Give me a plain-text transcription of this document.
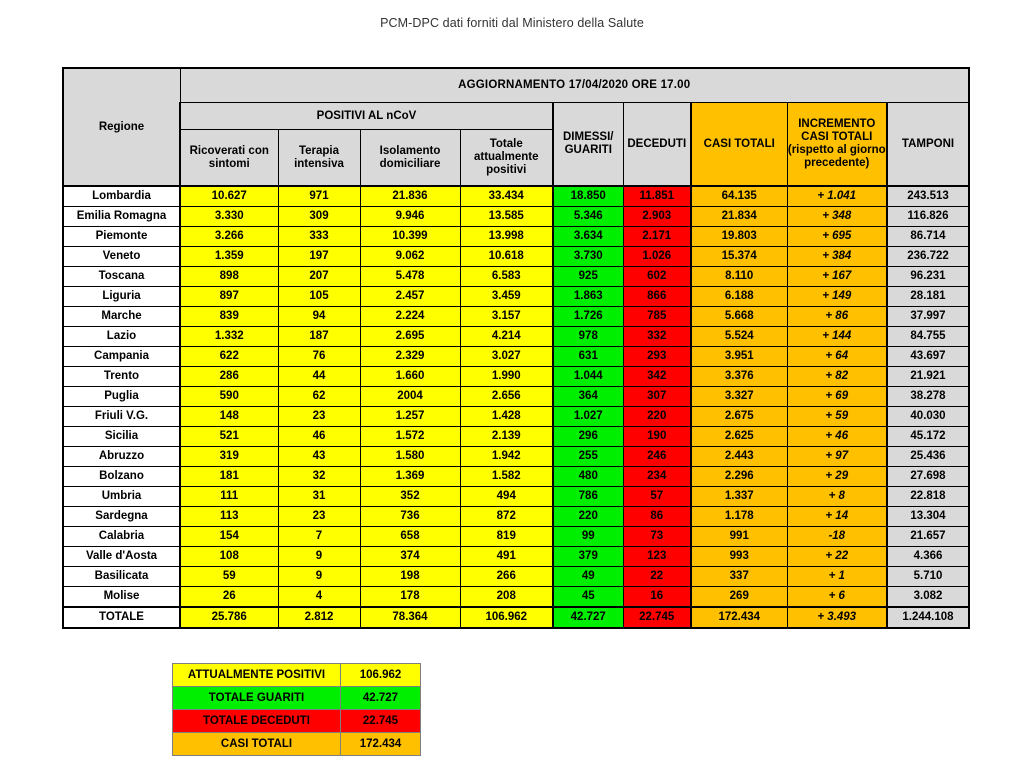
PCM-DPC dati forniti dal Ministero della Salute
Regione	AGGIORNAMENTO 17/04/2020 ORE 17.00								
	POSITIVI AL nCoV				DIMESSI/ GUARITI	DECEDUTI	CASI TOTALI	INCREMENTO CASI TOTALI (rispetto al giorno precedente)	TAMPONI
	Ricoverati con sintomi	Terapia intensiva	Isolamento domiciliare	Totale attualmente positivi					
Lombardia	10.627	971	21.836	33.434	18.850	11.851	64.135	+ 1.041	243.513
Emilia Romagna	3.330	309	9.946	13.585	5.346	2.903	21.834	+ 348	116.826
Piemonte	3.266	333	10.399	13.998	3.634	2.171	19.803	+ 695	86.714
Veneto	1.359	197	9.062	10.618	3.730	1.026	15.374	+ 384	236.722
Toscana	898	207	5.478	6.583	925	602	8.110	+ 167	96.231
Liguria	897	105	2.457	3.459	1.863	866	6.188	+ 149	28.181
Marche	839	94	2.224	3.157	1.726	785	5.668	+ 86	37.997
Lazio	1.332	187	2.695	4.214	978	332	5.524	+ 144	84.755
Campania	622	76	2.329	3.027	631	293	3.951	+ 64	43.697
Trento	286	44	1.660	1.990	1.044	342	3.376	+ 82	21.921
Puglia	590	62	2004	2.656	364	307	3.327	+ 69	38.278
Friuli V.G.	148	23	1.257	1.428	1.027	220	2.675	+ 59	40.030
Sicilia	521	46	1.572	2.139	296	190	2.625	+ 46	45.172
Abruzzo	319	43	1.580	1.942	255	246	2.443	+ 97	25.436
Bolzano	181	32	1.369	1.582	480	234	2.296	+ 29	27.698
Umbria	111	31	352	494	786	57	1.337	+ 8	22.818
Sardegna	113	23	736	872	220	86	1.178	+ 14	13.304
Calabria	154	7	658	819	99	73	991	-18	21.657
Valle d'Aosta	108	9	374	491	379	123	993	+ 22	4.366
Basilicata	59	9	198	266	49	22	337	+ 1	5.710
Molise	26	4	178	208	45	16	269	+ 6	3.082
TOTALE	25.786	2.812	78.364	106.962	42.727	22.745	172.434	+ 3.493	1.244.108
ATTUALMENTE POSITIVI	106.962
TOTALE GUARITI	42.727
TOTALE DECEDUTI	22.745
CASI TOTALI	172.434
